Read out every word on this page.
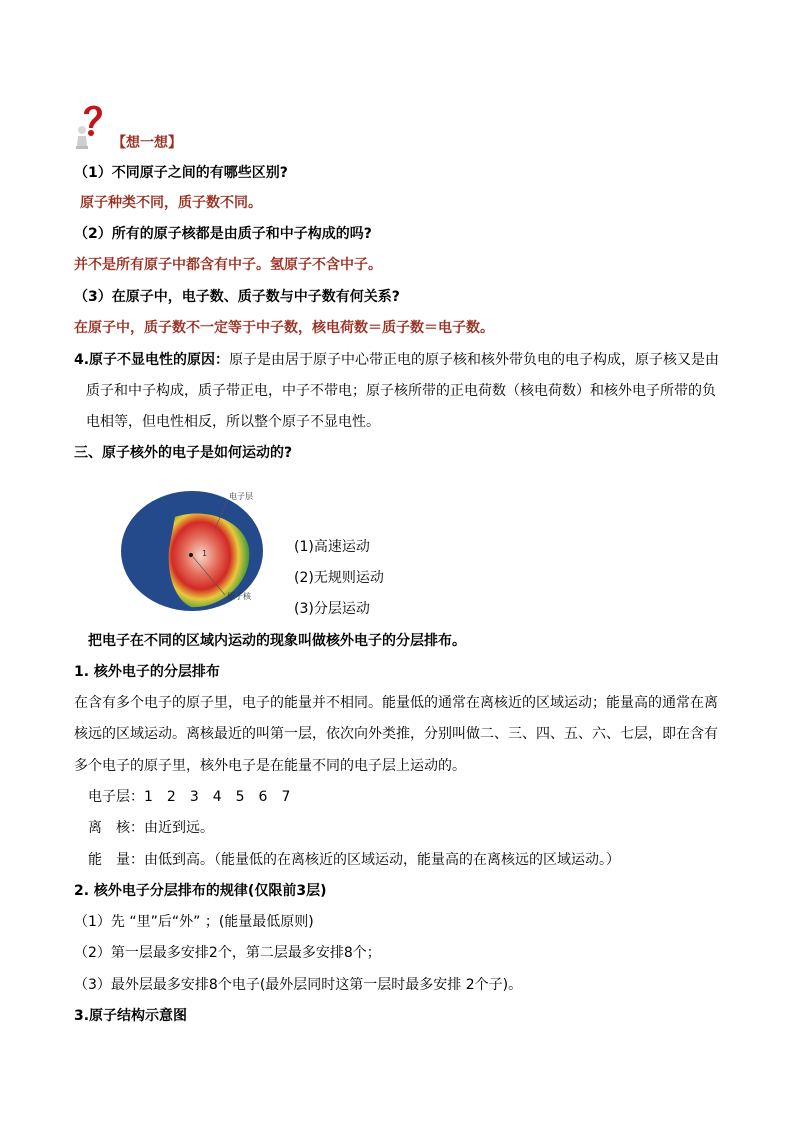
【想一想】
（1）不同原子之间的有哪些区别?
原子种类不同，质子数不同。
（2）所有的原子核都是由质子和中子构成的吗?
并不是所有原子中都含有中子。氢原子不含中子。
（3）在原子中，电子数、质子数与中子数有何关系?
在原子中，质子数不一定等于中子数，核电荷数＝质子数＝电子数。
4.原子不显电性的原因：原子是由居于原子中心带正电的原子核和核外带负电的电子构成，原子核又是由
质子和中子构成，质子带正电，中子不带电；原子核所带的正电荷数（核电荷数）和核外电子所带的负
电相等，但电性相反，所以整个原子不显电性。
三、原子核外的电子是如何运动的?
1
电子层
原子核
(1)高速运动
(2)无规则运动
(3)分层运动
把电子在不同的区域内运动的现象叫做核外电子的分层排布。
1. 核外电子的分层排布
在含有多个电子的原子里，电子的能量并不相同。能量低的通常在离核近的区域运动；能量高的通常在离
核远的区域运动。离核最近的叫第一层，依次向外类推，分别叫做二、三、四、五、六、七层，即在含有
多个电子的原子里，核外电子是在能量不同的电子层上运动的。
电子层：1　2　3　4　5　6　7
离　核：由近到远。
能　量：由低到高。（能量低的在离核近的区域运动，能量高的在离核远的区域运动。）
2. 核外电子分层排布的规律(仅限前3层)
（1）先 “里”后“外” ；(能量最低原则)
（2）第一层最多安排2个，第二层最多安排8个；
（3）最外层最多安排8个电子(最外层同时这第一层时最多安排 2个子)。
3.原子结构示意图
